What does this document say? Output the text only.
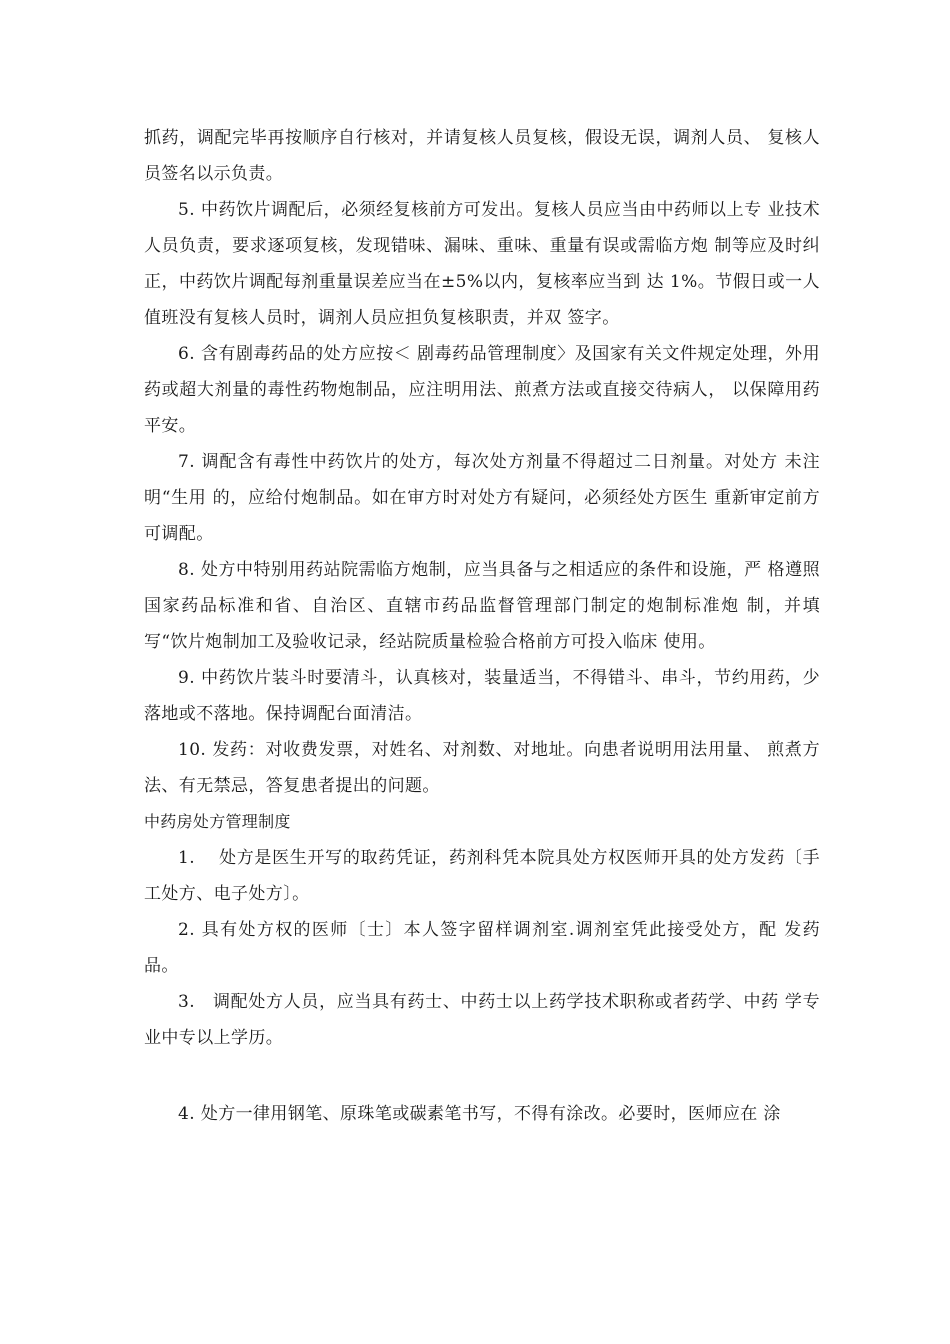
抓药，调配完毕再按顺序自行核对，并请复核人员复核，假设无误，调剂人员、 复核人员签名以示负责。

5. 中药饮片调配后，必须经复核前方可发出。复核人员应当由中药师以上专 业技术人员负责，要求逐项复核，发现错味、漏味、重味、重量有误或需临方炮 制等应及时纠正，中药饮片调配每剂重量误差应当在±5%以内，复核率应当到 达 1%。节假日或一人值班没有复核人员时，调剂人员应担负复核职责，并双 签字。

6. 含有剧毒药品的处方应按＜ 剧毒药品管理制度〉及国家有关文件规定处理，外用药或超大剂量的毒性药物炮制品，应注明用法、煎煮方法或直接交待病人， 以保障用药平安。

7. 调配含有毒性中药饮片的处方，每次处方剂量不得超过二日剂量。对处方 未注明“生用 的，应给付炮制品。如在审方时对处方有疑问，必须经处方医生 重新审定前方可调配。

8. 处方中特别用药站院需临方炮制，应当具备与之相适应的条件和设施，严 格遵照国家药品标准和省、自治区、直辖市药品监督管理部门制定的炮制标准炮 制，并填写“饮片炮制加工及验收记录，经站院质量检验合格前方可投入临床 使用。

9. 中药饮片装斗时要清斗，认真核对，装量适当，不得错斗、串斗，节约用药，少落地或不落地。保持调配台面清洁。

10. 发药：对收费发票，对姓名、对剂数、对地址。向患者说明用法用量、 煎煮方法、有无禁忌，答复患者提出的问题。

中药房处方管理制度

1.　 处方是医生开写的取药凭证，药剂科凭本院具处方权医师开具的处方发药〔手工处方、电子处方〕。

2. 具有处方权的医师〔士〕本人签字留样调剂室.调剂室凭此接受处方，配 发药品。

3.　调配处方人员，应当具有药士、中药士以上药学技术职称或者药学、中药 学专业中专以上学历。

4. 处方一律用钢笔、原珠笔或碳素笔书写，不得有涂改。必要时，医师应在 涂
